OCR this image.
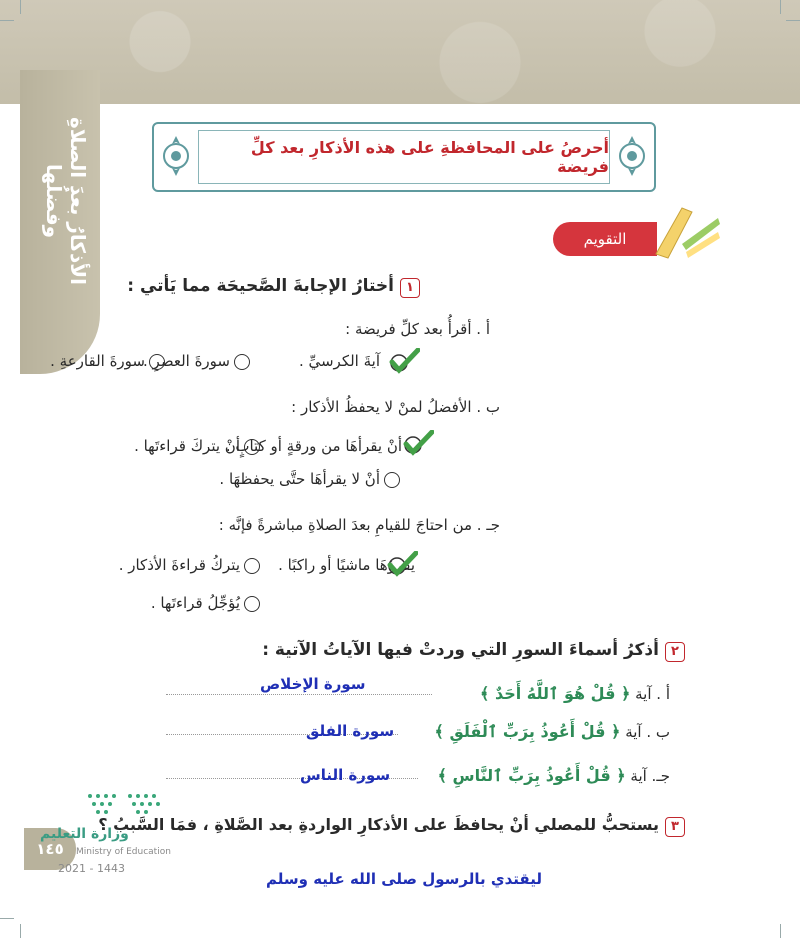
الأذكارُ بعدَ الصلاةِ وفضلُها
أحرصُ على المحافظةِ على هذه الأذكارِ بعد كلِّ فريضة
التقويم
١أختارُ الإجابةَ الصَّحيحَة مما يَأتي :
أ . أقرأُ بعد كلِّ فريضة :
سورةَ العصرِ .	آيةَ الكرسيِّ .
سورةَ القارعةِ .
ب . الأفضلُ لمنْ لا يحفظُ الأذكار :
أنْ يتركَ قراءتَها .
أنْ يقرأهَا من ورقةٍ أو كتابٍ .
أنْ لا يقرأهَا حتَّى يحفظهَا .
جـ . من احتاجَ للقيامِ بعدَ الصلاةِ مباشرةً فإنَّه :
يتركُ قراءةَ الأذكار .	يقرؤهَا ماشيًا أو راكبًا .
يُؤجِّلُ قراءتَها .
٢أذكرُ أسماءَ السورِ التي وردتْ فيها الآياتُ الآتية :
أ . آية ﴿ قُلْ هُوَ ٱللَّهُ أَحَدٌ ﴾
سورة الإخلاص
ب . آية ﴿ قُلْ أَعُوذُ بِرَبِّ ٱلْفَلَقِ ﴾
سورة الفلق
جـ. آية ﴿ قُلْ أَعُوذُ بِرَبِّ ٱلنَّاسِ ﴾
سورة الناس
٣يستحبُّ للمصلي أنْ يحافظَ على الأذكارِ الواردةِ بعد الصَّلاةِ ، فمَا السَّببُ ؟
ليقتدي بالرسول صلى الله عليه وسلم
١٤٥
وزارة التعليم
Ministry of Education
2021 - 1443
